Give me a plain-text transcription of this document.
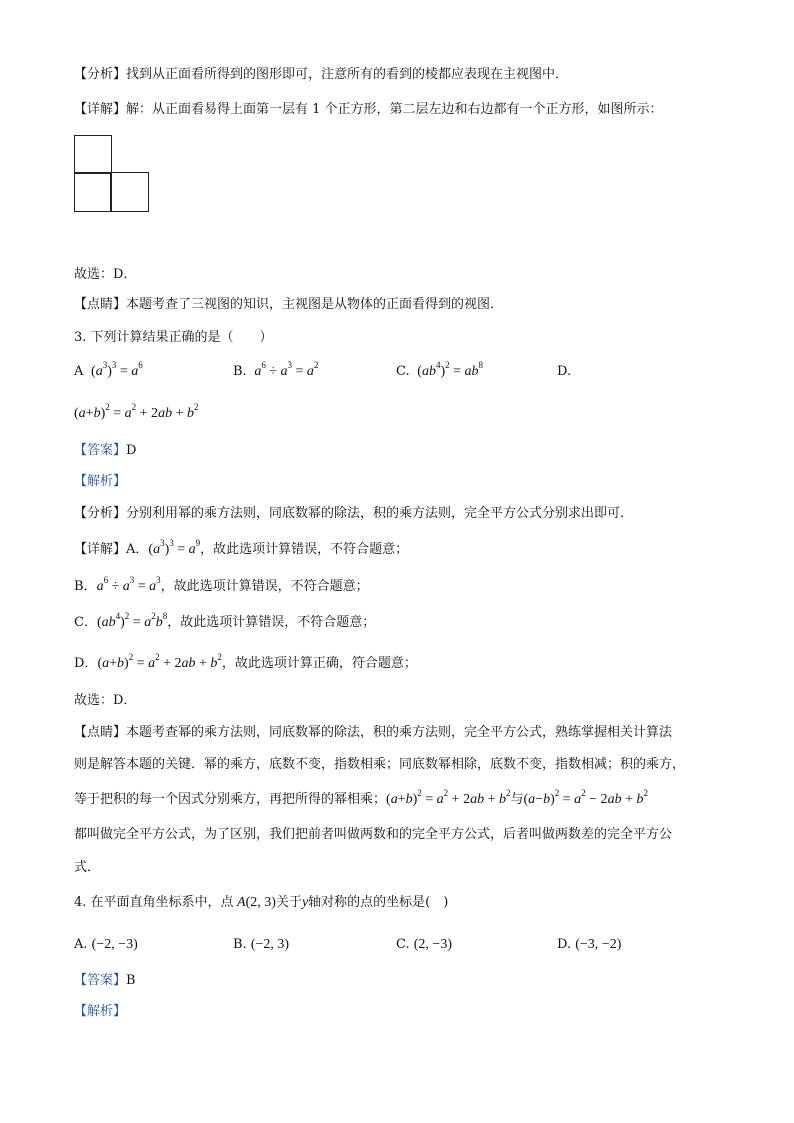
【分析】找到从正面看所得到的图形即可，注意所有的看到的棱都应表现在主视图中．
【详解】解：从正面看易得上面第一层有 1 个正方形，第二层左边和右边都有一个正方形，如图所示：
故选：D．
【点睛】本题考查了三视图的知识，主视图是从物体的正面看得到的视图．
3. 下列计算结果正确的是（　　）
A  $(a^3)^3 = a^6$	B. $a^6 \div a^3 = a^2$	C.  $(ab^4)^2 = ab^8$	D.
$(a+b)^2 = a^2 + 2ab + b^2$
【答案】D
【解析】
【分析】分别利用幂的乘方法则，同底数幂的除法，积的乘方法则，完全平方公式分别求出即可．
【详解】A．$(a^3)^3 = a^9$，故此选项计算错误，不符合题意；
B．$a^6 \div a^3 = a^3$，故此选项计算错误，不符合题意；
C．$(ab^4)^2 = a^2b^8$，故此选项计算错误，不符合题意；
D．$(a+b)^2 = a^2 + 2ab + b^2$，故此选项计算正确，符合题意；
故选：D．
【点睛】本题考查幂的乘方法则，同底数幂的除法，积的乘方法则，完全平方公式，熟练掌握相关计算法
则是解答本题的关键．幂的乘方，底数不变，指数相乘；同底数幂相除，底数不变，指数相减；积的乘方，
等于把积的每一个因式分别乘方，再把所得的幂相乘；$(a+b)^2 = a^2 + 2ab + b^2$与$(a-b)^2 = a^2 - 2ab + b^2$
都叫做完全平方公式，为了区别，我们把前者叫做两数和的完全平方公式，后者叫做两数差的完全平方公
式．
4. 在平面直角坐标系中，点 A(2, 3)关于y轴对称的点的坐标是(　)
A. (−2, −3)	B. (−2, 3)	C. (2, −3)	D. (−3, −2)
【答案】B
【解析】
